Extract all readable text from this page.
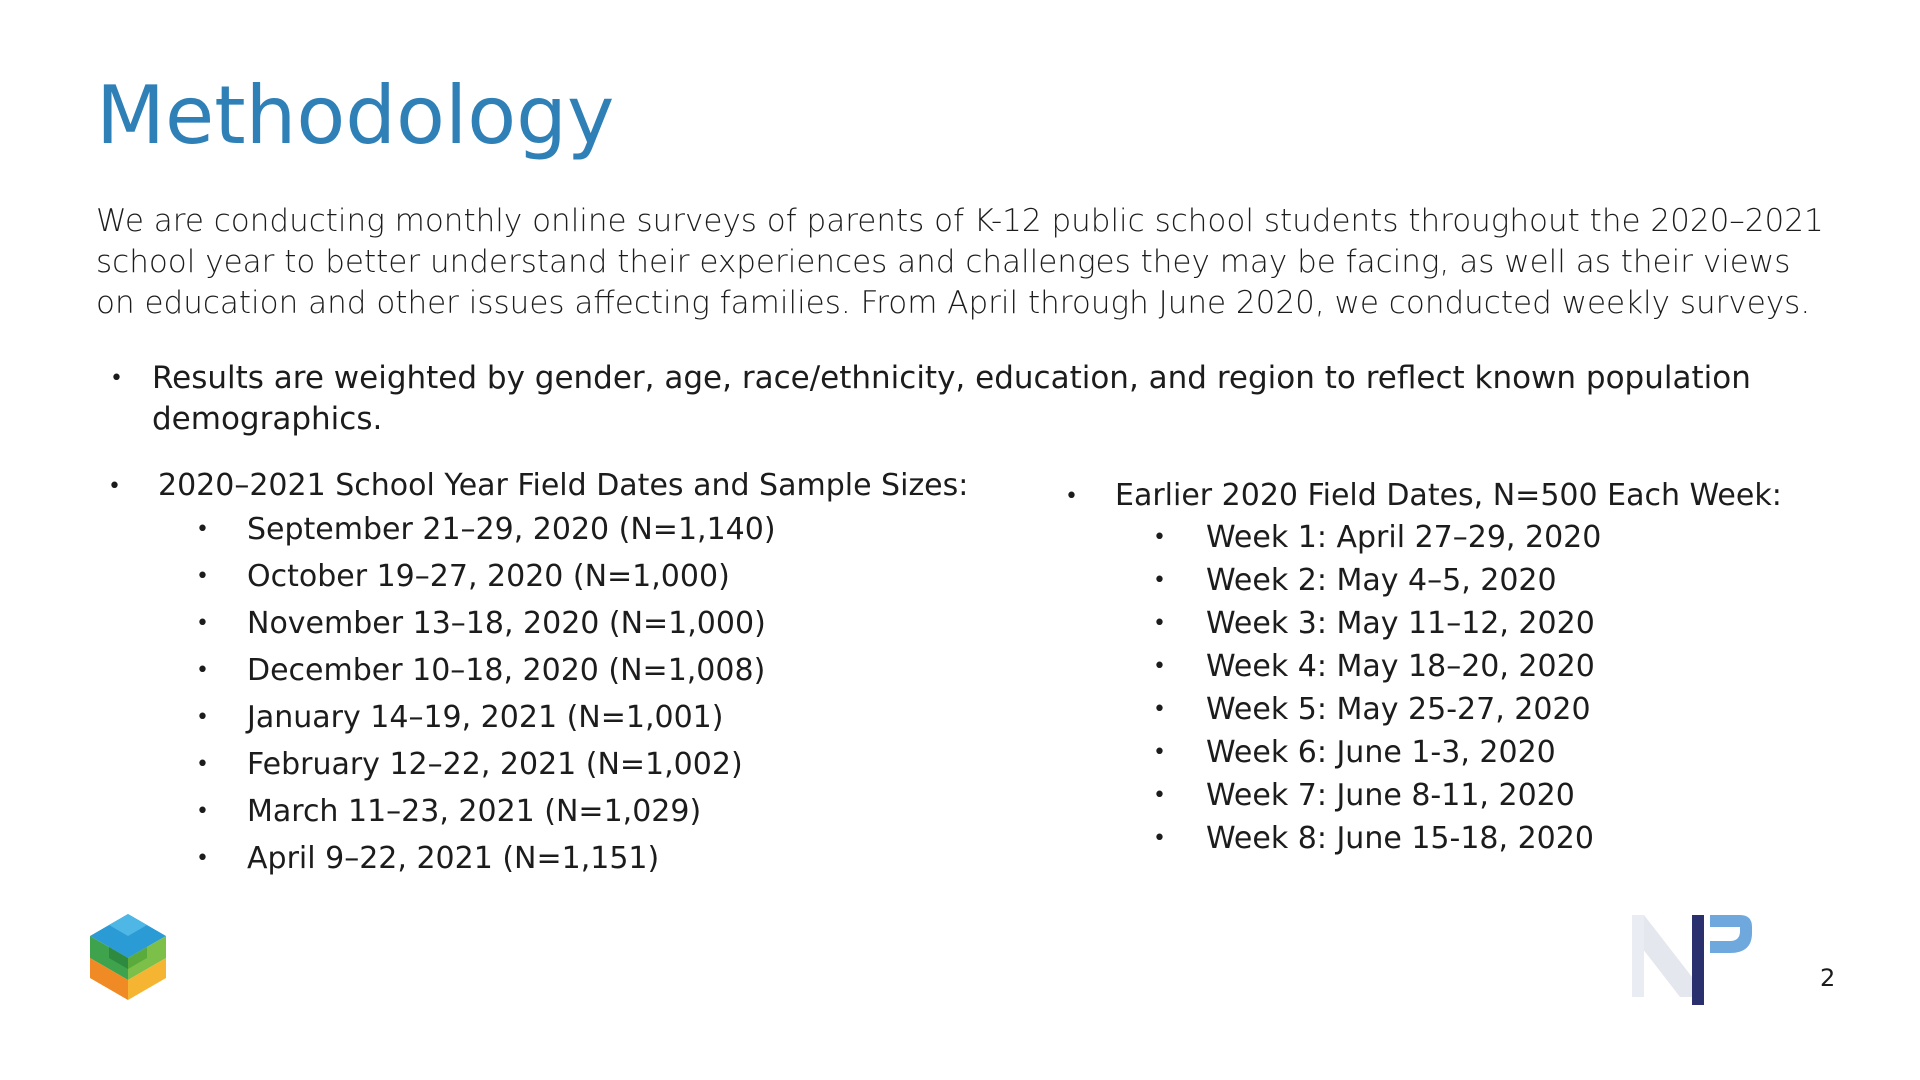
Methodology

We are conducting monthly online surveys of parents of K-12 public school students throughout the 2020–2021 school year to better understand their experiences and challenges they may be facing, as well as their views on education and other issues affecting families. From April through June 2020, we conducted weekly surveys.

• Results are weighted by gender, age, race/ethnicity, education, and region to reflect known population demographics.
• 2020–2021 School Year Field Dates and Sample Sizes:
• September 21–29, 2020 (N=1,140)
• October 19–27, 2020 (N=1,000)
• November 13–18, 2020 (N=1,000)
• December 10–18, 2020 (N=1,008)
• January 14–19, 2021 (N=1,001)
• February 12–22, 2021 (N=1,002)
• March 11–23, 2021 (N=1,029)
• April 9–22, 2021 (N=1,151)
• Earlier 2020 Field Dates, N=500 Each Week:
• Week 1: April 27–29, 2020
• Week 2: May 4–5, 2020
• Week 3: May 11–12, 2020
• Week 4: May 18–20, 2020
• Week 5: May 25-27, 2020
• Week 6: June 1-3, 2020
• Week 7: June 8-11, 2020
• Week 8: June 15-18, 2020
2
